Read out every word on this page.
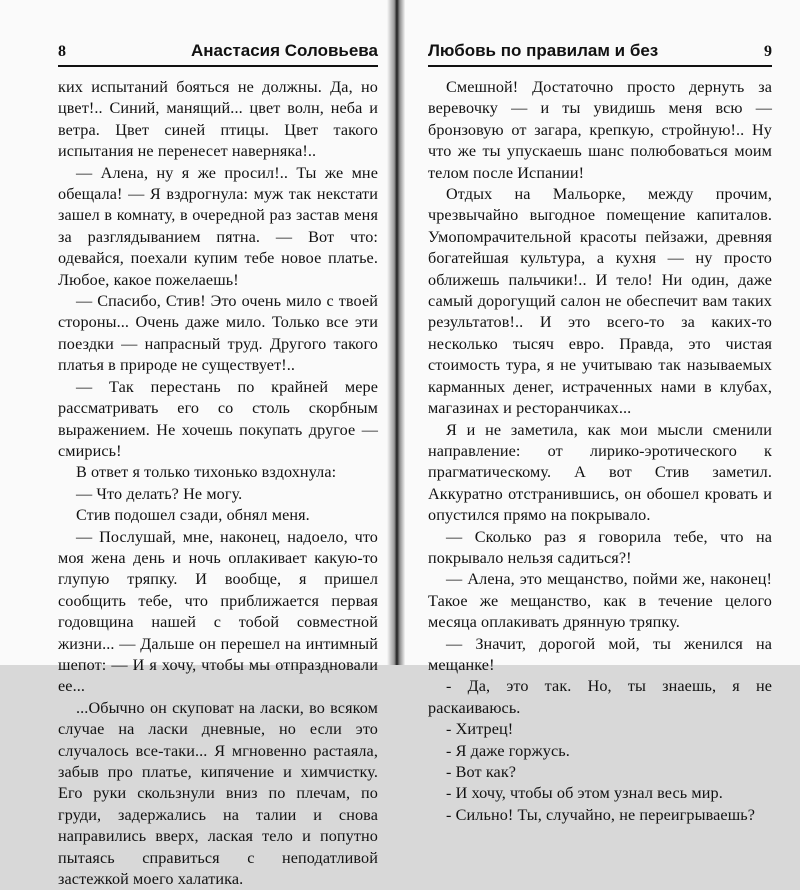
8	Анастасия Соловьева

ких испытаний бояться не должны. Да, но цвет!.. Синий, манящий... цвет волн, неба и ветра. Цвет синей птицы. Цвет такого испытания не перенесет наверняка!..

— Алена, ну я же просил!.. Ты же мне обещала! — Я вздрогнула: муж так некстати зашел в комнату, в очередной раз застав меня за разглядыванием пятна. — Вот что: одевайся, поехали купим тебе новое платье. Любое, какое пожелаешь!

— Спасибо, Стив! Это очень мило с твоей стороны... Очень даже мило. Только все эти поездки — напрасный труд. Другого такого платья в природе не существует!..

— Так перестань по крайней мере рассматривать его со столь скорбным выражением. Не хочешь покупать другое — смирись!

В ответ я только тихонько вздохнула:

— Что делать? Не могу.

Стив подошел сзади, обнял меня.

— Послушай, мне, наконец, надоело, что моя жена день и ночь оплакивает какую-то глупую тряпку. И вообще, я пришел сообщить тебе, что приближается первая годовщина нашей с тобой совместной жизни... — Дальше он перешел на интимный шепот: — И я хочу, чтобы мы отпраздновали ее...

...Обычно он скуповат на ласки, во всяком случае на ласки дневные, но если это случалось все-таки... Я мгновенно растаяла, забыв про платье, кипячение и химчистку. Его руки скользнули вниз по плечам, по груди, задержались на талии и снова направились вверх, лаская тело и попутно пытаясь справиться с неподатливой застежкой моего халатика.

Любовь по правилам и без	9

Смешной! Достаточно просто дернуть за веревочку — и ты увидишь меня всю — бронзовую от загара, крепкую, стройную!.. Ну что же ты упускаешь шанс полюбоваться моим телом после Испании!

Отдых на Мальорке, между прочим, чрезвычайно выгодное помещение капиталов. Умопомрачительной красоты пейзажи, древняя богатейшая культура, а кухня — ну просто оближешь пальчики!.. И тело! Ни один, даже самый дорогущий салон не обеспечит вам таких результатов!.. И это всего-то за каких-то несколько тысяч евро. Правда, это чистая стоимость тура, я не учитываю так называемых карманных денег, истраченных нами в клубах, магазинах и ресторанчиках...

Я и не заметила, как мои мысли сменили направление: от лирико-эротического к прагматическому. А вот Стив заметил. Аккуратно отстранившись, он обошел кровать и опустился прямо на покрывало.

— Сколько раз я говорила тебе, что на покрывало нельзя садиться?!

— Алена, это мещанство, пойми же, наконец! Такое же мещанство, как в течение целого месяца оплакивать дрянную тряпку.

— Значит, дорогой мой, ты женился на мещанке!

- Да, это так. Но, ты знаешь, я не раскаиваюсь.

- Хитрец!

- Я даже горжусь.

- Вот как?

- И хочу, чтобы об этом узнал весь мир.

- Сильно! Ты, случайно, не переигрываешь?
